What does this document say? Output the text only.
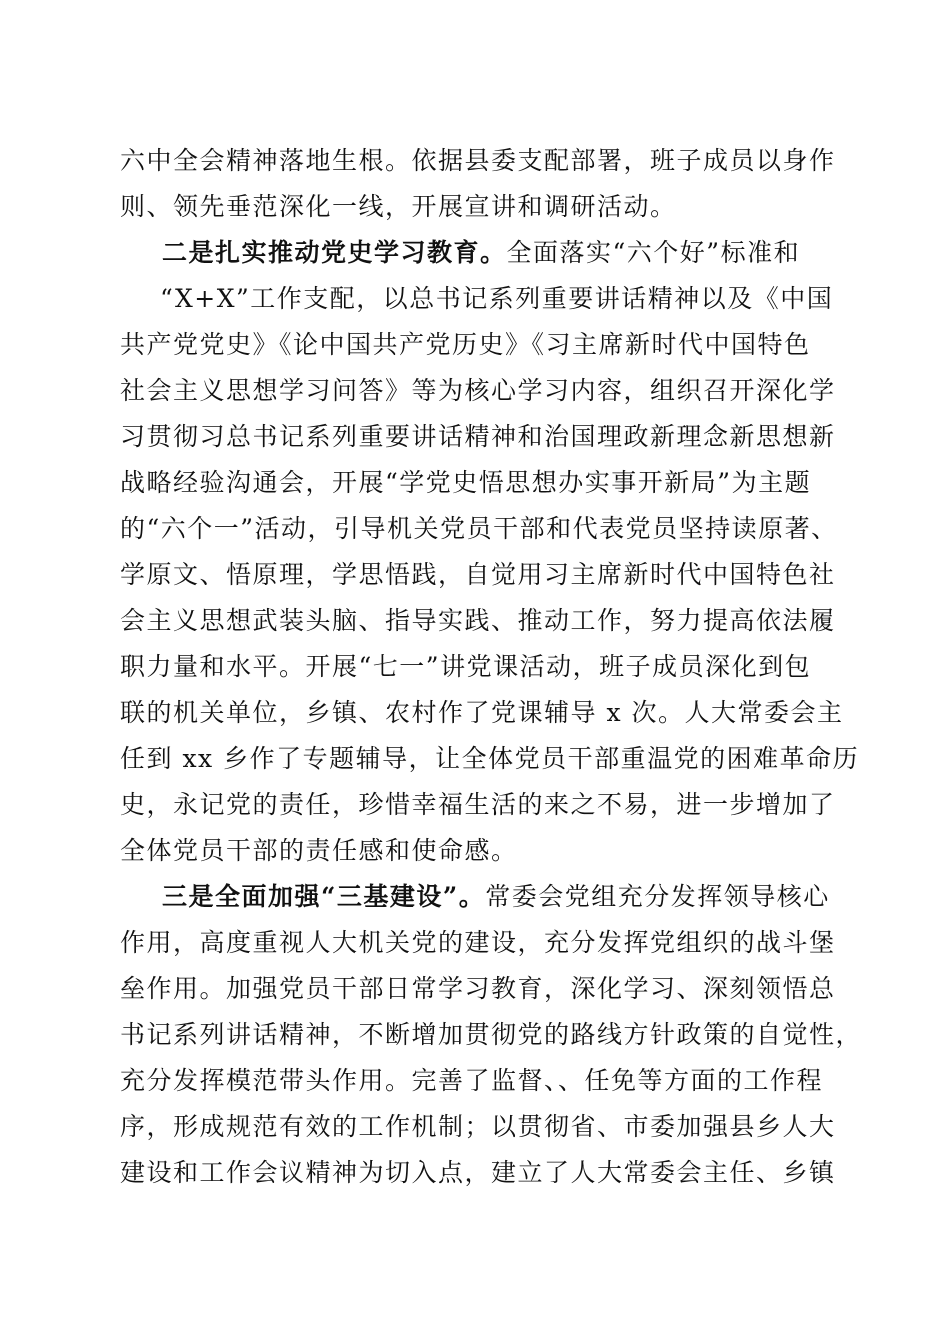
六中全会精神落地生根。依据县委支配部署，班子成员以身作
则、领先垂范深化一线，开展宣讲和调研活动。
二是扎实推动党史学习教育。全面落实“六个好”标准和
“X+X”工作支配，以总书记系列重要讲话精神以及《中国
共产党党史》《论中国共产党历史》《习主席新时代中国特色
社会主义思想学习问答》等为核心学习内容，组织召开深化学
习贯彻习总书记系列重要讲话精神和治国理政新理念新思想新
战略经验沟通会，开展“学党史悟思想办实事开新局”为主题
的“六个一”活动，引导机关党员干部和代表党员坚持读原著、
学原文、悟原理，学思悟践，自觉用习主席新时代中国特色社
会主义思想武装头脑、指导实践、推动工作，努力提高依法履
职力量和水平。开展“七一”讲党课活动，班子成员深化到包
联的机关单位，乡镇、农村作了党课辅导 x 次。人大常委会主
任到 xx 乡作了专题辅导，让全体党员干部重温党的困难革命历
史，永记党的责任，珍惜幸福生活的来之不易，进一步增加了
全体党员干部的责任感和使命感。
三是全面加强“三基建设”。常委会党组充分发挥领导核心
作用，高度重视人大机关党的建设，充分发挥党组织的战斗堡
垒作用。加强党员干部日常学习教育，深化学习、深刻领悟总
书记系列讲话精神，不断增加贯彻党的路线方针政策的自觉性，
充分发挥模范带头作用。完善了监督、、任免等方面的工作程
序，形成规范有效的工作机制；以贯彻省、市委加强县乡人大
建设和工作会议精神为切入点，建立了人大常委会主任、乡镇
